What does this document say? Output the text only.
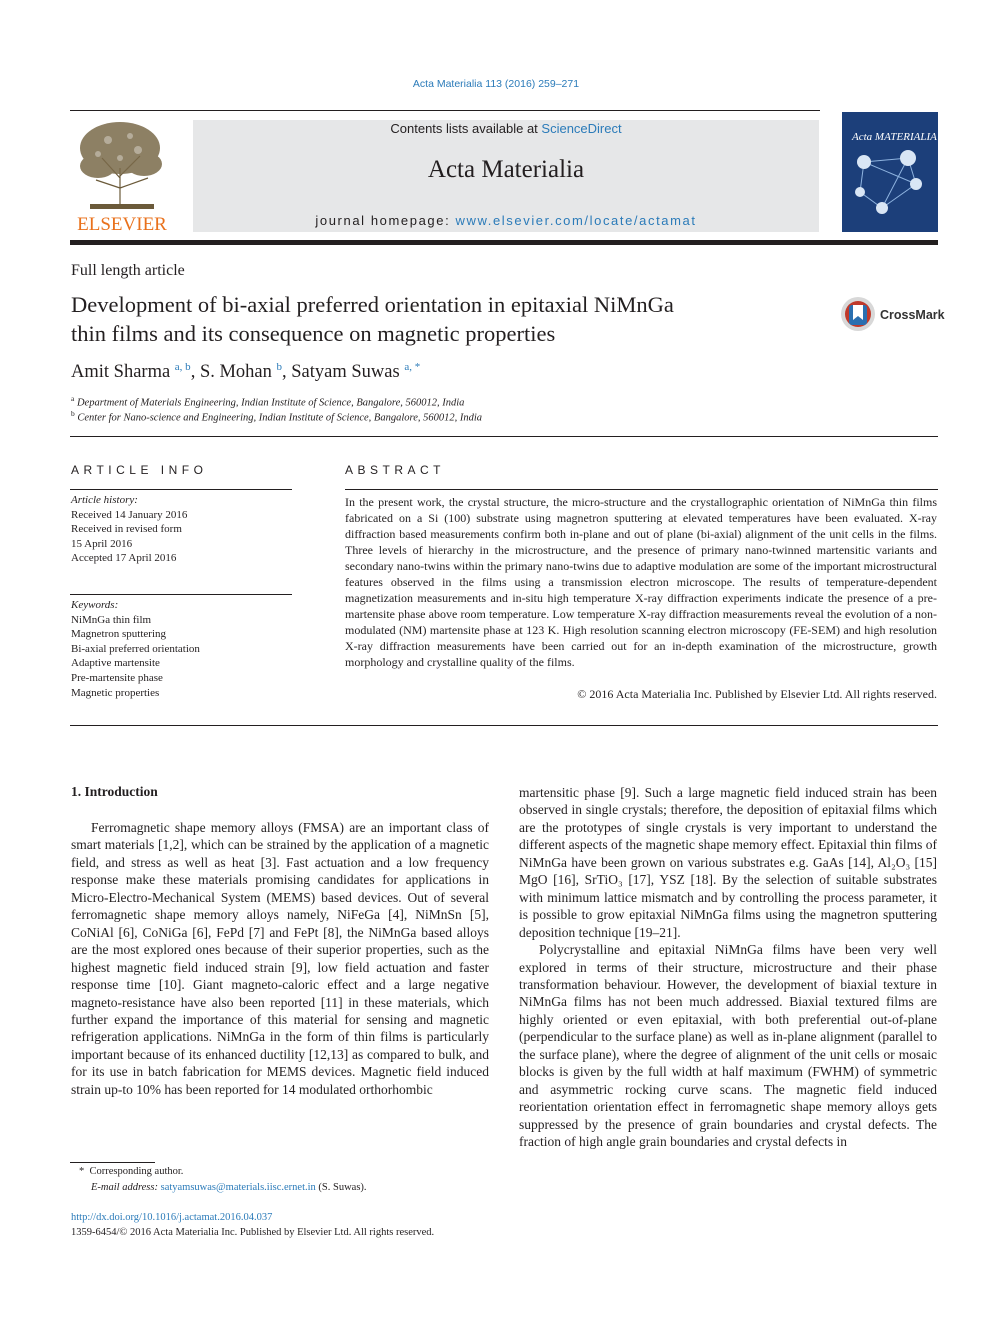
Acta Materialia 113 (2016) 259–271
ELSEVIER
Contents lists available at ScienceDirect
Acta Materialia
journal homepage: www.elsevier.com/locate/actamat
Acta MATERIALIA
Full length article
Development of bi-axial preferred orientation in epitaxial NiMnGa
thin films and its consequence on magnetic properties
CrossMark
Amit Sharma $^{a, b}$, S. Mohan $^b$, Satyam Suwas $^{a, *}$
$^a$ Department of Materials Engineering, Indian Institute of Science, Bangalore, 560012, India
$^b$ Center for Nano-science and Engineering, Indian Institute of Science, Bangalore, 560012, India
ARTICLE INFO
Article history:
Received 14 January 2016
Received in revised form
15 April 2016
Accepted 17 April 2016
Keywords:
NiMnGa thin film
Magnetron sputtering
Bi-axial preferred orientation
Adaptive martensite
Pre-martensite phase
Magnetic properties
ABSTRACT
In the present work, the crystal structure, the micro-structure and the crystallographic orientation of NiMnGa thin films fabricated on a Si (100) substrate using magnetron sputtering at elevated temperatures have been evaluated. X-ray diffraction based measurements confirm both in-plane and out of plane (bi-axial) alignment of the unit cells in the films. Three levels of hierarchy in the microstructure, and the presence of primary nano-twinned martensitic variants and secondary nano-twins within the primary nano-twins due to adaptive modulation are some of the important microstructural features observed in the films using a transmission electron microscope. The results of temperature-dependent magnetization measurements and in-situ high temperature X-ray diffraction experiments indicate the presence of a pre-martensite phase above room temperature. Low temperature X-ray diffraction measurements reveal the evolution of a non-modulated (NM) martensite phase at 123 K. High resolution scanning electron microscopy (FE-SEM) and high resolution X-ray diffraction measurements have been carried out for an in-depth examination of the microstructure, growth morphology and crystalline quality of the films.
© 2016 Acta Materialia Inc. Published by Elsevier Ltd. All rights reserved.
1. Introduction

Ferromagnetic shape memory alloys (FMSA) are an important class of smart materials [1,2], which can be strained by the application of a magnetic field, and stress as well as heat [3]. Fast actuation and a low frequency response make these materials promising candidates for applications in Micro-Electro-Mechanical System (MEMS) based devices. Out of several ferromagnetic shape memory alloys namely, NiFeGa [4], NiMnSn [5], CoNiAl [6], CoNiGa [6], FePd [7] and FePt [8], the NiMnGa based alloys are the most explored ones because of their superior properties, such as the highest magnetic field induced strain [9], low field actuation and faster response time [10]. Giant magneto-caloric effect and a large negative magneto-resistance have also been reported [11] in these materials, which further expand the importance of this material for sensing and magnetic refrigeration applications. NiMnGa in the form of thin films is particularly important because of its enhanced ductility [12,13] as compared to bulk, and for its use in batch fabrication for MEMS devices. Magnetic field induced strain up-to 10% has been reported for 14 modulated orthorhombic

martensitic phase [9]. Such a large magnetic field induced strain has been observed in single crystals; therefore, the deposition of epitaxial films which are the prototypes of single crystals is very important to understand the different aspects of the magnetic shape memory effect. Epitaxial thin films of NiMnGa have been grown on various substrates e.g. GaAs [14], Al₂O₃ [15] MgO [16], SrTiO₃ [17], YSZ [18]. By the selection of suitable substrates with minimum lattice mismatch and by controlling the process parameter, it is possible to grow epitaxial NiMnGa films using the magnetron sputtering deposition technique [19–21].

Polycrystalline and epitaxial NiMnGa films have been very well explored in terms of their structure, microstructure and their phase transformation behaviour. However, the development of biaxial texture in NiMnGa films has not been much addressed. Biaxial textured films are highly oriented or even epitaxial, with both preferential out-of-plane (perpendicular to the surface plane) as well as in-plane alignment (parallel to the surface plane), where the degree of alignment of the unit cells or mosaic blocks is given by the full width at half maximum (FWHM) of symmetric and asymmetric rocking curve scans. The magnetic field induced reorientation orientation effect in ferromagnetic shape memory alloys gets suppressed by the presence of grain boundaries and crystal defects. The fraction of high angle grain boundaries and crystal defects in

* Corresponding author.
E-mail address: satyamsuwas@materials.iisc.ernet.in (S. Suwas).
http://dx.doi.org/10.1016/j.actamat.2016.04.037
1359-6454/© 2016 Acta Materialia Inc. Published by Elsevier Ltd. All rights reserved.
